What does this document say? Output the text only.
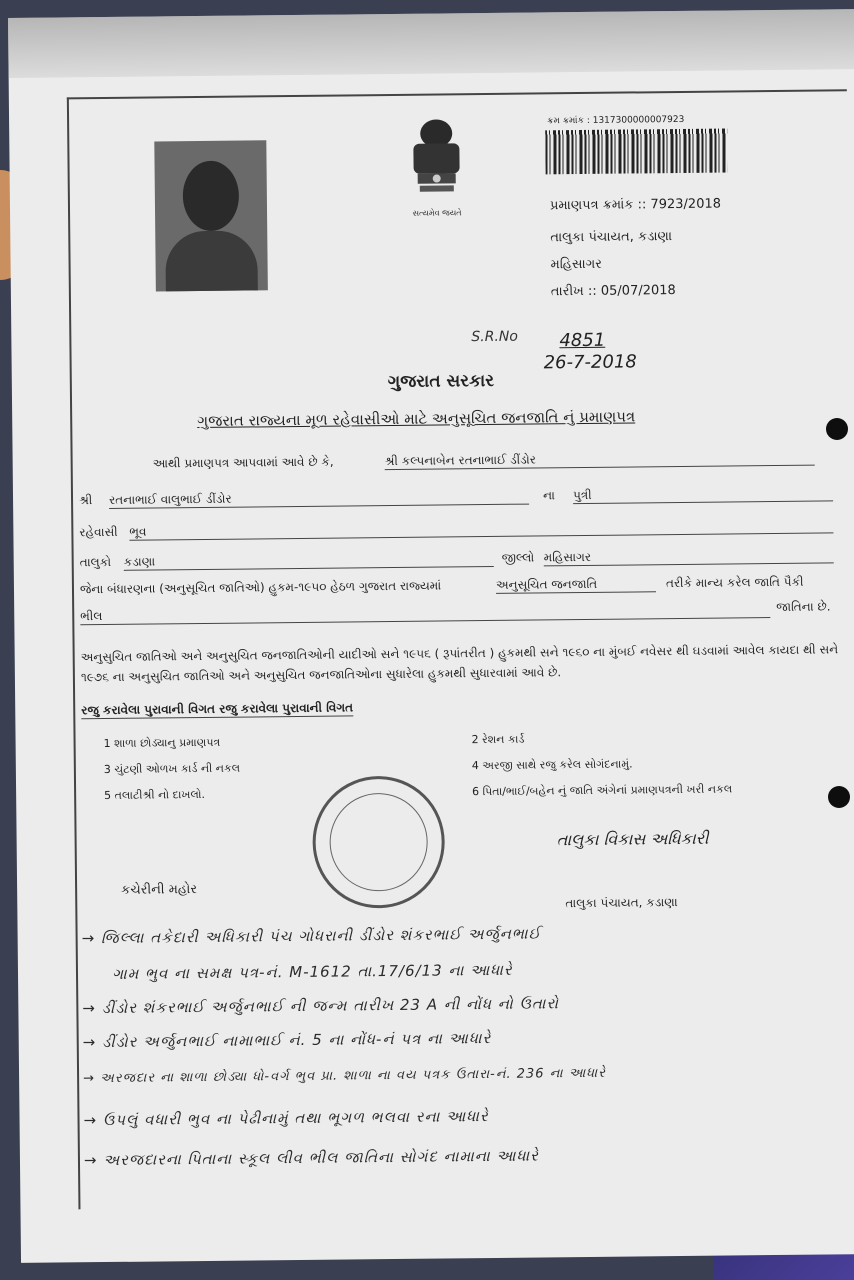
સત્યમેવ જયતે
ક્રમ ક્રમાંક : 1317300000007923
પ્રમાણપત્ર ક્રમાંક :: 7923/2018
તાલુકા પંચાયત, કડાણા
મહિસાગર
તારીખ :: 05/07/2018
S.R.No 4851
26-7-2018
ગુજરાત સરકાર
ગુજરાત રાજ્યના મૂળ રહેવાસીઓ માટે અનુસૂચિત જનજાતિ નું પ્રમાણપત્ર
આથી પ્રમાણપત્ર આપવામાં આવે છે કે,	શ્રી કલ્પનાબેન રતનાભાઈ ડીંડોર
શ્રી રતનાભાઈ વાલુભાઈ ડીંડોર	ના પુત્રી
રહેવાસી ભૂવ
તાલુકો કડાણા	જીલ્લો મહિસાગર
જેના બંધારણના (અનુસૂચિત જાતિઓ) હુકમ-૧૯૫૦ હેઠળ ગુજરાત રાજ્યમાં	અનુસૂચિત જનજાતિ	તરીકે માન્ય કરેલ જાતિ પૈકી
ભીલ
જાતિના છે.
અનુસુચિત જાતિઓ અને અનુસુચિત જનજાતિઓની યાદીઓ સને ૧૯૫૬ ( રૂપાંતરીત ) હુકમથી સને ૧૯૬૦ ના મુંબઈ નવેસર થી ઘડવામાં આવેલ કાયદા થી સને ૧૯૭૬ ના અનુસુચિત જાતિઓ અને અનુસુચિત જનજાતિઓના સુધારેલા હુકમથી સુધારવામાં આવે છે.
રજુ કરાવેલા પુરાવાની વિગત રજુ કરાવેલા પુરાવાની વિગત
1 શાળા છોડ્યાનુ પ્રમાણપત્ર	2 રેશન કાર્ડ
3 ચુંટણી ઓળખ કાર્ડ ની નકલ	4 અરજી સાથે રજુ કરેલ સોગંદનામું.
5 તલાટીશ્રી નો દાખલો.	6 પિતા/ભાઈ/બહેન નું જાતિ અંગેનાં પ્રમાણપત્રની ખરી નકલ
કચેરીની મહોર
તાલુકા વિકાસ અધિકારી
તાલુકા પંચાયત, કડાણા
→ જિલ્લા તકેદારી અધિકારી પંચ ગોધરાની ડીંડોર શંકરભાઈ અર્જુનભાઈ
ગામ ભુવ ના સમક્ષ પત્ર-નં. M-1612 તા.17/6/13 ના આધારે
→ ડીંડોર શંકરભાઈ અર્જુનભાઈ ની જન્મ તારીખ 23 A ની નોંધ નો ઉતારો
→ ડીંડોર અર્જુનભાઈ નામાભાઈ નં. 5 ના નોંધ-નં પત્ર ના આધારે
→ અરજદાર ના શાળા છોડ્યા ધો-વર્ગ ભુવ પ્રા. શાળા ના વય પત્રક ઉતારા-નં. 236 ના આધારે
→ ઉપલું વધારી ભુવ ના પેઢીનામું તથા ભૂગળ ભલવા રના આધારે
→ અરજદારના પિતાના સ્કૂલ લીવ ભીલ જાતિના સોગંદ નામાના આધારે
